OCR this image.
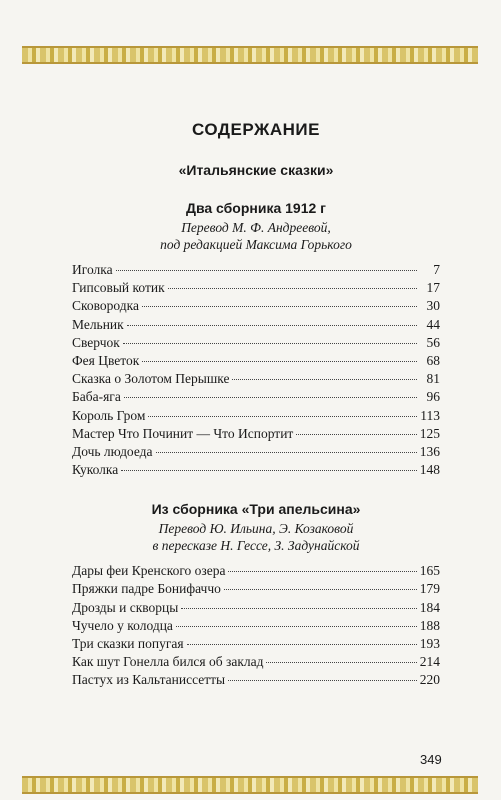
СОДЕРЖАНИЕ
«Итальянские сказки»
Два сборника 1912 г
Перевод М. Ф. Андреевой,
под редакцией Максима Горького
Иголка	7
Гипсовый котик	17
Сковородка	30
Мельник	44
Сверчок	56
Фея Цветок	68
Сказка о Золотом Перышке	81
Баба-яга	96
Король Гром	113
Мастер Что Починит — Что Испортит	125
Дочь людоеда	136
Куколка	148
Из сборника «Три апельсина»
Перевод Ю. Ильина, Э. Козаковой
в пересказе Н. Гессе, З. Задунайской
Дары феи Кренского озера	165
Пряжки падре Бонифаччо	179
Дрозды и скворцы	184
Чучело у колодца	188
Три сказки попугая	193
Как шут Гонелла бился об заклад	214
Пастух из Кальтаниссетты	220
349
